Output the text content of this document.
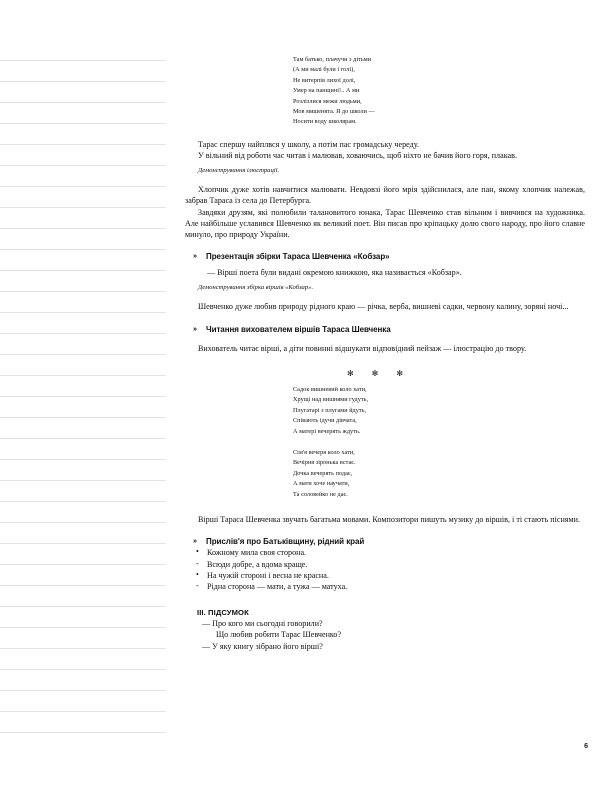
Там батько, плачучи з дітьми
(А ми малі були і голі),
Не витерпів лихої долі,
Умер на панщині!.. А ми
Розлізлися межи людьми,
Мов мишенята. Я до школи —
Носити воду школярам.

Тарас спершу найплвся у школу, а потім пас громадську череду.

У вільний від роботи час читав і малював, ховаючись, щоб ніхто не бачив його горя, плакав.

Демонстрування ілюстрації.

Хлопчик дуже хотів навчитися малювати. Невдовзі його мрія здійснилася, але пан, якому хлопчик належав, забрав Тараса із села до Петербурга.

Завдяки друзям, які полюбили талановитого юнака, Тарас Шевченко став вільним і вивчився на художника. Але найбільше уславився Шевченко як великий поет. Він писав про кріпацьку долю свого народу, про його славне минуло, про природу України.

» Презентація збірки Тараса Шевченка «Кобзар»

— Вірші поета були видані окремою книжкою, яка називається «Кобзар».

Демонстрування збірка віршів «Кобзар».

Шевченко дуже любив природу рідного краю — річка, верба, вишневі садки, червону калину, зоряні ночі...

» Читання вихователем віршів Тараса Шевченка

Вихователь читає вірші, а діти повинні відшукати відповідний пейзаж — ілюстрацію до твору.

✻ ✻ ✻

Садок вишневий коло хати,
Хрущі над вишнями гудуть,
Плугатарі з плугами йдуть,
Співають ідучи дівчата,
А матері вечерять ждуть.
Сім'я вечеря коло хати,
Вечірня зіронька встає.
Дочка вечерять подає,
А мати хоче научати,
Та соловейко не дає.

Вірші Тараса Шевченка звучать багатьма мовами. Композитори пишуть музику до віршів, і ті стають піснями.

» Прислів'я про Батьківщину, рідний край

• Кожному мила своя сторона.

- Всюди добре, а вдома краще.

• На чужій стороні і весна не красна.

- Рідна сторона — мати, а тужа — матуха.

III. ПІДСУМОК

— Про кого ми сьогодні говорили?

Що любив робити Тарас Шевченко?

— У яку книгу зібрано його вірші?

6
